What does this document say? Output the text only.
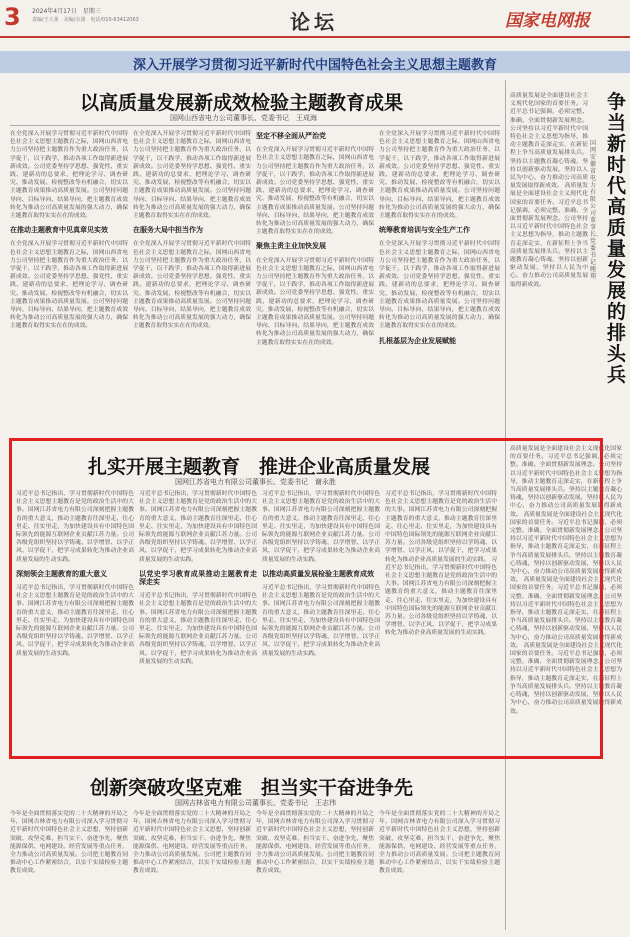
3 2024年4月17日　星期三
责编/王大莱　美编/余潇　电话/010-63412063	论坛	国家电网报
深入开展学习贯彻习近平新时代中国特色社会主义思想主题教育
以高质量发展新成效检验主题教育成果
国网山西省电力公司董事长、党委书记　王成海
在全党深入开展学习贯彻习近平新时代中国特色社会主义思想主题教育之际，国网山西省电力公司坚持把主题教育作为重大政治任务，以学促干，以干践学，推动各项工作取得新进展新成效。公司党委坚持学思想、强党性、重实践、建新功的总要求，把理论学习、调查研究、推动发展、检视整改等有机融合，切实以主题教育成果推动高质量发展。公司坚持问题导向、目标导向、结果导向，把主题教育成效转化为推动公司高质量发展的强大动力，确保主题教育取得实实在在的成效。
在推动主题教育中见真章见实效
在全党深入开展学习贯彻习近平新时代中国特色社会主义思想主题教育之际，国网山西省电力公司坚持把主题教育作为重大政治任务，以学促干，以干践学，推动各项工作取得新进展新成效。公司党委坚持学思想、强党性、重实践、建新功的总要求，把理论学习、调查研究、推动发展、检视整改等有机融合，切实以主题教育成果推动高质量发展。公司坚持问题导向、目标导向、结果导向，把主题教育成效转化为推动公司高质量发展的强大动力，确保主题教育取得实实在在的成效。
在全党深入开展学习贯彻习近平新时代中国特色社会主义思想主题教育之际，国网山西省电力公司坚持把主题教育作为重大政治任务，以学促干，以干践学，推动各项工作取得新进展新成效。公司党委坚持学思想、强党性、重实践、建新功的总要求，把理论学习、调查研究、推动发展、检视整改等有机融合，切实以主题教育成果推动高质量发展。公司坚持问题导向、目标导向、结果导向，把主题教育成效转化为推动公司高质量发展的强大动力，确保主题教育取得实实在在的成效。
在服务大局中担当作为
在全党深入开展学习贯彻习近平新时代中国特色社会主义思想主题教育之际，国网山西省电力公司坚持把主题教育作为重大政治任务，以学促干，以干践学，推动各项工作取得新进展新成效。公司党委坚持学思想、强党性、重实践、建新功的总要求，把理论学习、调查研究、推动发展、检视整改等有机融合，切实以主题教育成果推动高质量发展。公司坚持问题导向、目标导向、结果导向，把主题教育成效转化为推动公司高质量发展的强大动力，确保主题教育取得实实在在的成效。
坚定不移全面从严治党
在全党深入开展学习贯彻习近平新时代中国特色社会主义思想主题教育之际，国网山西省电力公司坚持把主题教育作为重大政治任务，以学促干，以干践学，推动各项工作取得新进展新成效。公司党委坚持学思想、强党性、重实践、建新功的总要求，把理论学习、调查研究、推动发展、检视整改等有机融合，切实以主题教育成果推动高质量发展。公司坚持问题导向、目标导向、结果导向，把主题教育成效转化为推动公司高质量发展的强大动力，确保主题教育取得实实在在的成效。
聚焦主责主业加快发展
在全党深入开展学习贯彻习近平新时代中国特色社会主义思想主题教育之际，国网山西省电力公司坚持把主题教育作为重大政治任务，以学促干，以干践学，推动各项工作取得新进展新成效。公司党委坚持学思想、强党性、重实践、建新功的总要求，把理论学习、调查研究、推动发展、检视整改等有机融合，切实以主题教育成果推动高质量发展。公司坚持问题导向、目标导向、结果导向，把主题教育成效转化为推动公司高质量发展的强大动力，确保主题教育取得实实在在的成效。
在全党深入开展学习贯彻习近平新时代中国特色社会主义思想主题教育之际，国网山西省电力公司坚持把主题教育作为重大政治任务，以学促干，以干践学，推动各项工作取得新进展新成效。公司党委坚持学思想、强党性、重实践、建新功的总要求，把理论学习、调查研究、推动发展、检视整改等有机融合，切实以主题教育成果推动高质量发展。公司坚持问题导向、目标导向、结果导向，把主题教育成效转化为推动公司高质量发展的强大动力，确保主题教育取得实实在在的成效。
统筹教育培训与安全生产工作
在全党深入开展学习贯彻习近平新时代中国特色社会主义思想主题教育之际，国网山西省电力公司坚持把主题教育作为重大政治任务，以学促干，以干践学，推动各项工作取得新进展新成效。公司党委坚持学思想、强党性、重实践、建新功的总要求，把理论学习、调查研究、推动发展、检视整改等有机融合，切实以主题教育成果推动高质量发展。公司坚持问题导向、目标导向、结果导向，把主题教育成效转化为推动公司高质量发展的强大动力，确保主题教育取得实实在在的成效。
扎根基层为企业发展赋能
争当新时代高质量发展的排头兵
国网安徽省电力有限公司董事长、党委书记　鲍翔
高质量发展是全面建设社会主义现代化国家的首要任务。习近平总书记强调，必须完整、准确、全面贯彻新发展理念。公司坚持以习近平新时代中国特色社会主义思想为指导，推动主题教育走深走实，在新征程上争当高质量发展排头兵。坚持以主题教育凝心铸魂，坚持以创新驱动发展，坚持以人民为中心，奋力推动公司高质量发展取得新成效。 高质量发展是全面建设社会主义现代化国家的首要任务。习近平总书记强调，必须完整、准确、全面贯彻新发展理念。公司坚持以习近平新时代中国特色社会主义思想为指导，推动主题教育走深走实，在新征程上争当高质量发展排头兵。坚持以主题教育凝心铸魂，坚持以创新驱动发展，坚持以人民为中心，奋力推动公司高质量发展取得新成效。
高质量发展是全面建设社会主义现代化国家的首要任务。习近平总书记强调，必须完整、准确、全面贯彻新发展理念。公司坚持以习近平新时代中国特色社会主义思想为指导，推动主题教育走深走实，在新征程上争当高质量发展排头兵。坚持以主题教育凝心铸魂，坚持以创新驱动发展，坚持以人民为中心，奋力推动公司高质量发展取得新成效。 高质量发展是全面建设社会主义现代化国家的首要任务。习近平总书记强调，必须完整、准确、全面贯彻新发展理念。公司坚持以习近平新时代中国特色社会主义思想为指导，推动主题教育走深走实，在新征程上争当高质量发展排头兵。坚持以主题教育凝心铸魂，坚持以创新驱动发展，坚持以人民为中心，奋力推动公司高质量发展取得新成效。 高质量发展是全面建设社会主义现代化国家的首要任务。习近平总书记强调，必须完整、准确、全面贯彻新发展理念。公司坚持以习近平新时代中国特色社会主义思想为指导，推动主题教育走深走实，在新征程上争当高质量发展排头兵。坚持以主题教育凝心铸魂，坚持以创新驱动发展，坚持以人民为中心，奋力推动公司高质量发展取得新成效。 高质量发展是全面建设社会主义现代化国家的首要任务。习近平总书记强调，必须完整、准确、全面贯彻新发展理念。公司坚持以习近平新时代中国特色社会主义思想为指导，推动主题教育走深走实，在新征程上争当高质量发展排头兵。坚持以主题教育凝心铸魂，坚持以创新驱动发展，坚持以人民为中心，奋力推动公司高质量发展取得新成效。
扎实开展主题教育　推进企业高质量发展
国网江苏省电力有限公司董事长、党委书记　谢永胜
习近平总书记指出，学习贯彻新时代中国特色社会主义思想主题教育是党的政治生活中的大事。国网江苏省电力有限公司深刻把握主题教育的重大意义，推动主题教育往深里走、往心里走、往实里走，为加快建设具有中国特色国际领先的能源互联网企业贡献江苏力量。公司各级党组织坚持以学铸魂、以学增智、以学正风、以学促干，把学习成果转化为推动企业高质量发展的生动实践。
深刻领会主题教育的重大意义
习近平总书记指出，学习贯彻新时代中国特色社会主义思想主题教育是党的政治生活中的大事。国网江苏省电力有限公司深刻把握主题教育的重大意义，推动主题教育往深里走、往心里走、往实里走，为加快建设具有中国特色国际领先的能源互联网企业贡献江苏力量。公司各级党组织坚持以学铸魂、以学增智、以学正风、以学促干，把学习成果转化为推动企业高质量发展的生动实践。
习近平总书记指出，学习贯彻新时代中国特色社会主义思想主题教育是党的政治生活中的大事。国网江苏省电力有限公司深刻把握主题教育的重大意义，推动主题教育往深里走、往心里走、往实里走，为加快建设具有中国特色国际领先的能源互联网企业贡献江苏力量。公司各级党组织坚持以学铸魂、以学增智、以学正风、以学促干，把学习成果转化为推动企业高质量发展的生动实践。
以党史学习教育成果推动主题教育走深走实
习近平总书记指出，学习贯彻新时代中国特色社会主义思想主题教育是党的政治生活中的大事。国网江苏省电力有限公司深刻把握主题教育的重大意义，推动主题教育往深里走、往心里走、往实里走，为加快建设具有中国特色国际领先的能源互联网企业贡献江苏力量。公司各级党组织坚持以学铸魂、以学增智、以学正风、以学促干，把学习成果转化为推动企业高质量发展的生动实践。
习近平总书记指出，学习贯彻新时代中国特色社会主义思想主题教育是党的政治生活中的大事。国网江苏省电力有限公司深刻把握主题教育的重大意义，推动主题教育往深里走、往心里走、往实里走，为加快建设具有中国特色国际领先的能源互联网企业贡献江苏力量。公司各级党组织坚持以学铸魂、以学增智、以学正风、以学促干，把学习成果转化为推动企业高质量发展的生动实践。
以推动高质量发展检验主题教育成效
习近平总书记指出，学习贯彻新时代中国特色社会主义思想主题教育是党的政治生活中的大事。国网江苏省电力有限公司深刻把握主题教育的重大意义，推动主题教育往深里走、往心里走、往实里走，为加快建设具有中国特色国际领先的能源互联网企业贡献江苏力量。公司各级党组织坚持以学铸魂、以学增智、以学正风、以学促干，把学习成果转化为推动企业高质量发展的生动实践。
习近平总书记指出，学习贯彻新时代中国特色社会主义思想主题教育是党的政治生活中的大事。国网江苏省电力有限公司深刻把握主题教育的重大意义，推动主题教育往深里走、往心里走、往实里走，为加快建设具有中国特色国际领先的能源互联网企业贡献江苏力量。公司各级党组织坚持以学铸魂、以学增智、以学正风、以学促干，把学习成果转化为推动企业高质量发展的生动实践。 习近平总书记指出，学习贯彻新时代中国特色社会主义思想主题教育是党的政治生活中的大事。国网江苏省电力有限公司深刻把握主题教育的重大意义，推动主题教育往深里走、往心里走、往实里走，为加快建设具有中国特色国际领先的能源互联网企业贡献江苏力量。公司各级党组织坚持以学铸魂、以学增智、以学正风、以学促干，把学习成果转化为推动企业高质量发展的生动实践。
创新突破攻坚克难　担当实干奋进争先
国网吉林省电力有限公司董事长、党委书记　王志伟
今年是全面贯彻落实党的二十大精神的开局之年，国网吉林省电力有限公司深入学习贯彻习近平新时代中国特色社会主义思想，坚持创新突破、攻坚克难，担当实干、奋进争先，聚焦能源保供、电网建设、经营发展等重点任务，全力推动公司高质量发展。公司把主题教育同推动中心工作紧密结合，以实干实绩检验主题教育成效。
今年是全面贯彻落实党的二十大精神的开局之年，国网吉林省电力有限公司深入学习贯彻习近平新时代中国特色社会主义思想，坚持创新突破、攻坚克难，担当实干、奋进争先，聚焦能源保供、电网建设、经营发展等重点任务，全力推动公司高质量发展。公司把主题教育同推动中心工作紧密结合，以实干实绩检验主题教育成效。
今年是全面贯彻落实党的二十大精神的开局之年，国网吉林省电力有限公司深入学习贯彻习近平新时代中国特色社会主义思想，坚持创新突破、攻坚克难，担当实干、奋进争先，聚焦能源保供、电网建设、经营发展等重点任务，全力推动公司高质量发展。公司把主题教育同推动中心工作紧密结合，以实干实绩检验主题教育成效。
今年是全面贯彻落实党的二十大精神的开局之年，国网吉林省电力有限公司深入学习贯彻习近平新时代中国特色社会主义思想，坚持创新突破、攻坚克难，担当实干、奋进争先，聚焦能源保供、电网建设、经营发展等重点任务，全力推动公司高质量发展。公司把主题教育同推动中心工作紧密结合，以实干实绩检验主题教育成效。
